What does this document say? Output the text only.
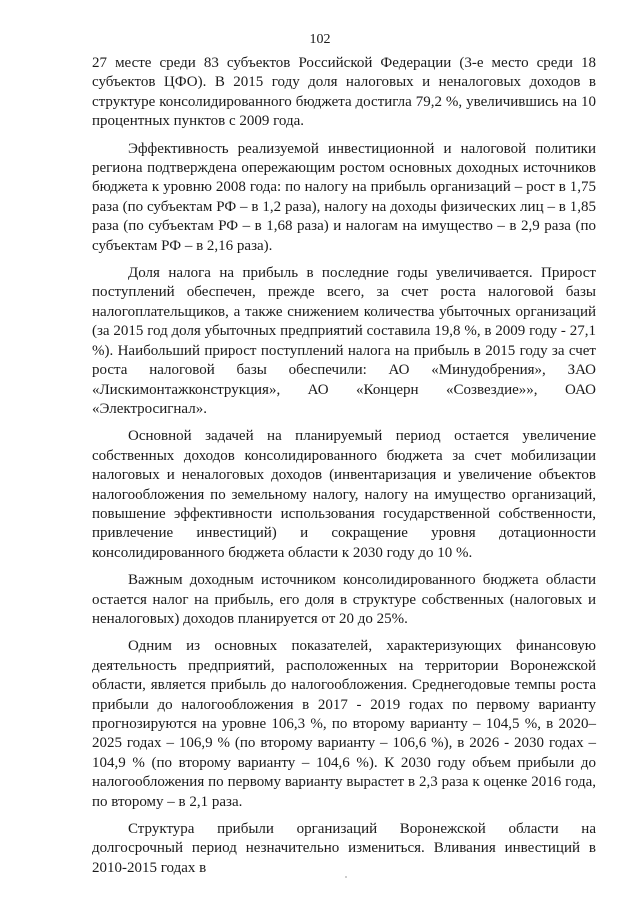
102

27 месте среди 83 субъектов Российской Федерации (3-е место среди 18 субъектов ЦФО). В 2015 году доля налоговых и неналоговых доходов в структуре консолидированного бюджета достигла 79,2 %, увеличившись на 10 процентных пунктов с 2009 года.

Эффективность реализуемой инвестиционной и налоговой политики региона подтверждена опережающим ростом основных доходных источников бюджета к уровню 2008 года: по налогу на прибыль организаций – рост в 1,75 раза (по субъектам РФ – в 1,2 раза), налогу на доходы физических лиц – в 1,85 раза (по субъектам РФ – в 1,68 раза) и налогам на имущество – в 2,9 раза (по субъектам РФ – в 2,16 раза).

Доля налога на прибыль в последние годы увеличивается. Прирост поступлений обеспечен, прежде всего, за счет роста налоговой базы налогоплательщиков, а также снижением количества убыточных организаций (за 2015 год доля убыточных предприятий составила 19,8 %, в 2009 году - 27,1 %). Наибольший прирост поступлений налога на прибыль в 2015 году за счет роста налоговой базы обеспечили: АО «Минудобрения», ЗАО «Лискимонтажконструкция», АО «Концерн «Созвездие»», ОАО «Электросигнал».

Основной задачей на планируемый период остается увеличение собственных доходов консолидированного бюджета за счет мобилизации налоговых и неналоговых доходов (инвентаризация и увеличение объектов налогообложения по земельному налогу, налогу на имущество организаций, повышение эффективности использования государственной собственности, привлечение инвестиций) и сокращение уровня дотационности консолидированного бюджета области к 2030 году до 10 %.

Важным доходным источником консолидированного бюджета области остается налог на прибыль, его доля в структуре собственных (налоговых и неналоговых) доходов планируется от 20 до 25%.

Одним из основных показателей, характеризующих финансовую деятельность предприятий, расположенных на территории Воронежской области, является прибыль до налогообложения. Среднегодовые темпы роста прибыли до налогообложения в 2017 - 2019 годах по первому варианту прогнозируются на уровне 106,3 %, по второму варианту – 104,5 %, в 2020–2025 годах – 106,9 % (по второму варианту – 106,6 %), в 2026 - 2030 годах – 104,9 % (по второму варианту – 104,6 %). К 2030 году объем прибыли до налогообложения по первому варианту вырастет в 2,3 раза к оценке 2016 года, по второму – в 2,1 раза.

Структура прибыли организаций Воронежской области на долгосрочный период незначительно измениться. Вливания инвестиций в 2010-2015 годах в
